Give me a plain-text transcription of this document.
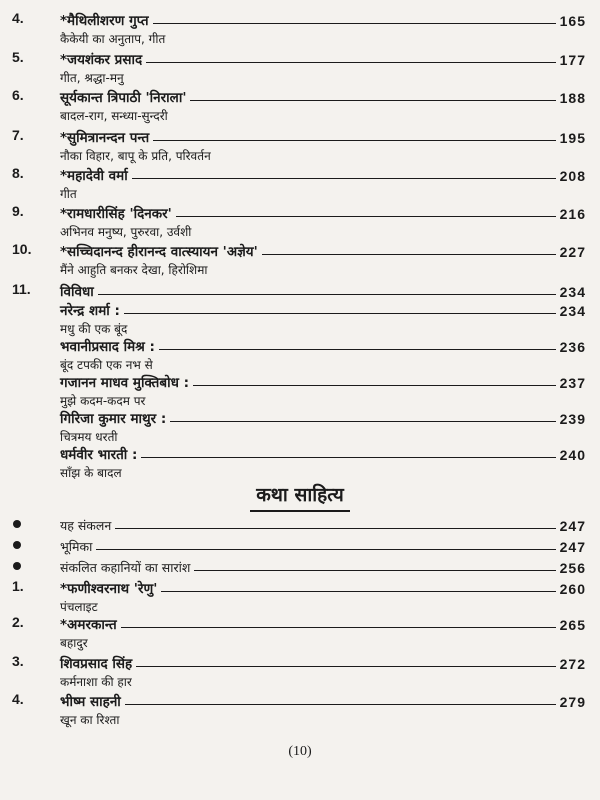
4.	*मैथिलीशरण गुप्त	165
कैकेयी का अनुताप, गीत
5.	*जयशंकर प्रसाद	177
गीत, श्रद्धा-मनु
6.	सूर्यकान्त त्रिपाठी 'निराला'	188
बादल-राग, सन्ध्या-सुन्दरी
7.	*सुमित्रानन्दन पन्त	195
नौका विहार, बापू के प्रति, परिवर्तन
8.	*महादेवी वर्मा	208
गीत
9.	*रामधारीसिंह 'दिनकर'	216
अभिनव मनुष्य, पुरुरवा, उर्वशी
10. *सच्चिदानन्द हीरानन्द वात्स्यायन 'अज्ञेय'	227
मैंने आहुति बनकर देखा, हिरोशिमा
11. विविधा	234
नरेन्द्र शर्मा :	234
मधु की एक बूंद
भवानीप्रसाद मिश्र :	236
बूंद टपकी एक नभ से
गजानन माधव मुक्तिबोध :	237
मुझे कदम-कदम पर
गिरिजा कुमार माथुर :	239
चित्रमय धरती
धर्मवीर भारती :	240
साँझ के बादल
कथा साहित्य
यह संकलन	247
भूमिका	247
संकलित कहानियों का सारांश	256
1.	*फणीश्वरनाथ 'रेणु'	260
पंचलाइट
2.	*अमरकान्त	265
बहादुर
3.	शिवप्रसाद सिंह	272
कर्मनाशा की हार
4.	भीष्म साहनी	279
खून का रिश्ता
(10)
